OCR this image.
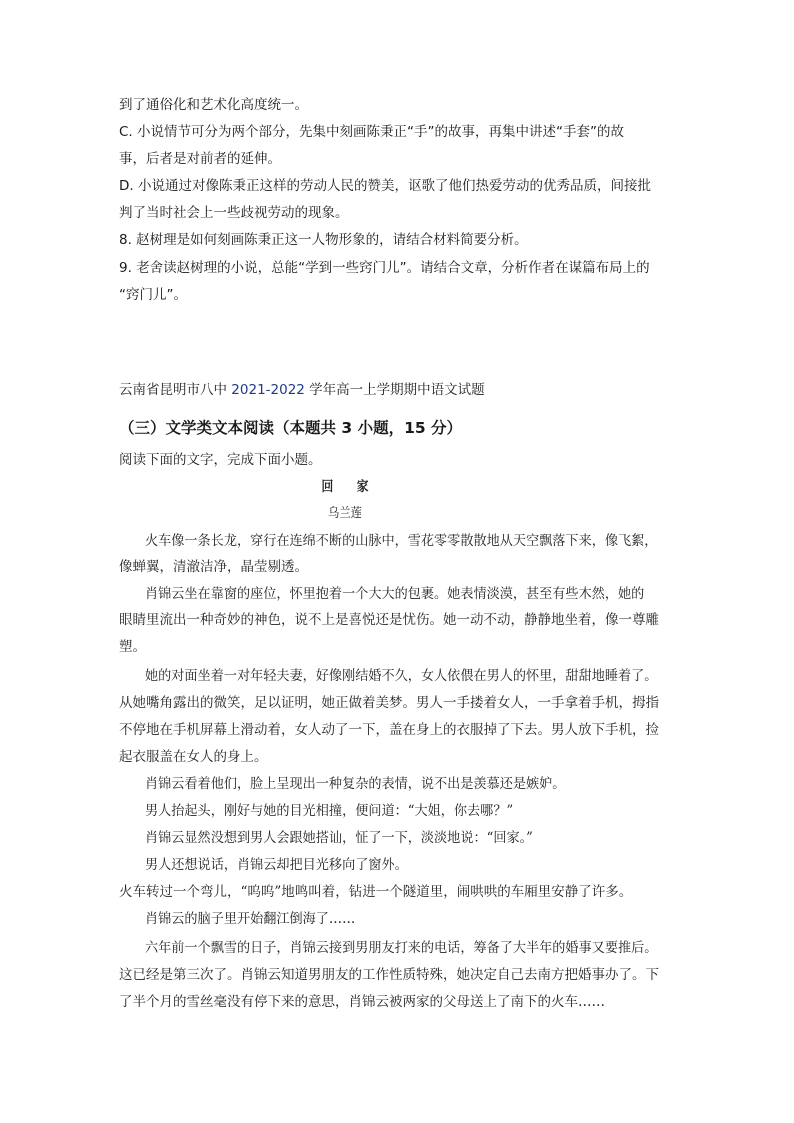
到了通俗化和艺术化高度统一。
C. 小说情节可分为两个部分，先集中刻画陈秉正“手”的故事，再集中讲述“手套”的故
事，后者是对前者的延伸。
D. 小说通过对像陈秉正这样的劳动人民的赞美，讴歌了他们热爱劳动的优秀品质，间接批
判了当时社会上一些歧视劳动的现象。
8. 赵树理是如何刻画陈秉正这一人物形象的，请结合材料简要分析。
9. 老舍读赵树理的小说，总能“学到一些窍门儿”。请结合文章，分析作者在谋篇布局上的
“窍门儿”。
云南省昆明市八中 2021-2022 学年高一上学期期中语文试题
（三）文学类文本阅读（本题共 3 小题，15 分）
阅读下面的文字，完成下面小题。
回　　家
乌兰莲
火车像一条长龙，穿行在连绵不断的山脉中，雪花零零散散地从天空飘落下来，像飞絮，
像蝉翼，清澈洁净，晶莹剔透。
肖锦云坐在靠窗的座位，怀里抱着一个大大的包裹。她表情淡漠，甚至有些木然，她的
眼睛里流出一种奇妙的神色，说不上是喜悦还是忧伤。她一动不动，静静地坐着，像一尊雕
塑。
她的对面坐着一对年轻夫妻，好像刚结婚不久，女人依偎在男人的怀里，甜甜地睡着了。
从她嘴角露出的微笑，足以证明，她正做着美梦。男人一手搂着女人，一手拿着手机，拇指
不停地在手机屏幕上滑动着，女人动了一下，盖在身上的衣服掉了下去。男人放下手机，捡
起衣服盖在女人的身上。
肖锦云看着他们，脸上呈现出一种复杂的表情，说不出是羡慕还是嫉妒。
男人抬起头，刚好与她的目光相撞，便问道：“大姐，你去哪？”
肖锦云显然没想到男人会跟她搭讪，怔了一下，淡淡地说：“回家。”
男人还想说话，肖锦云却把目光移向了窗外。
火车转过一个弯儿，“呜呜”地鸣叫着，钻进一个隧道里，闹哄哄的车厢里安静了许多。
肖锦云的脑子里开始翻江倒海了……
六年前一个飘雪的日子，肖锦云接到男朋友打来的电话，筹备了大半年的婚事又要推后。
这已经是第三次了。肖锦云知道男朋友的工作性质特殊，她决定自己去南方把婚事办了。下
了半个月的雪丝毫没有停下来的意思，肖锦云被两家的父母送上了南下的火车……
